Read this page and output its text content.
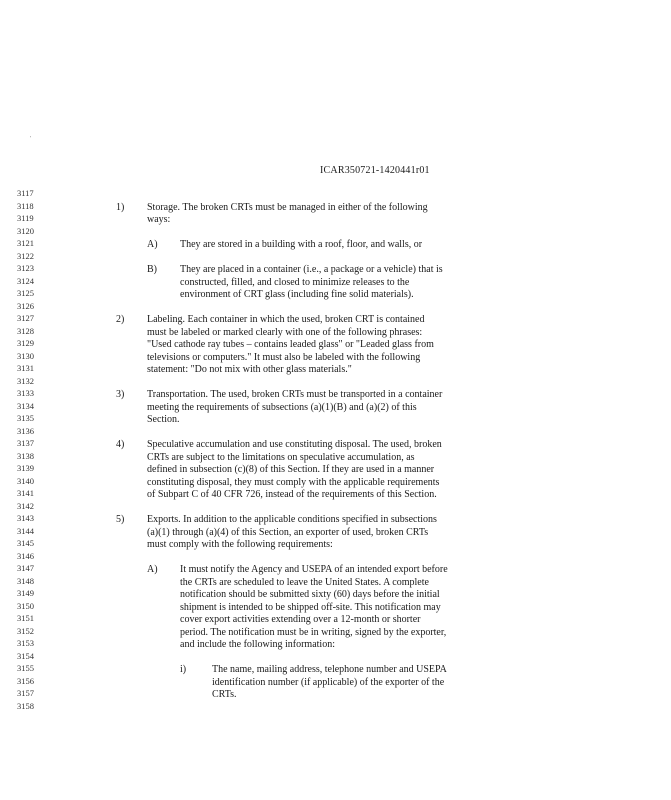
'
ICAR350721-1420441r01
3117
3118
3119
3120
3121
3122
3123
3124
3125
3126
3127
3128
3129
3130
3131
3132
3133
3134
3135
3136
3137
3138
3139
3140
3141
3142
3143
3144
3145
3146
3147
3148
3149
3150
3151
3152
3153
3154
3155
3156
3157
3158
1) Storage. The broken CRTs must be managed in either of the following
ways:
A) They are stored in a building with a roof, floor, and walls, or
B) They are placed in a container (i.e., a package or a vehicle) that is
constructed, filled, and closed to minimize releases to the
environment of CRT glass (including fine solid materials).
2) Labeling. Each container in which the used, broken CRT is contained
must be labeled or marked clearly with one of the following phrases:
"Used cathode ray tubes – contains leaded glass" or "Leaded glass from
televisions or computers." It must also be labeled with the following
statement: "Do not mix with other glass materials."
3) Transportation. The used, broken CRTs must be transported in a container
meeting the requirements of subsections (a)(1)(B) and (a)(2) of this
Section.
4) Speculative accumulation and use constituting disposal. The used, broken
CRTs are subject to the limitations on speculative accumulation, as
defined in subsection (c)(8) of this Section. If they are used in a manner
constituting disposal, they must comply with the applicable requirements
of Subpart C of 40 CFR 726, instead of the requirements of this Section.
5) Exports. In addition to the applicable conditions specified in subsections
(a)(1) through (a)(4) of this Section, an exporter of used, broken CRTs
must comply with the following requirements:
A) It must notify the Agency and USEPA of an intended export before
the CRTs are scheduled to leave the United States. A complete
notification should be submitted sixty (60) days before the initial
shipment is intended to be shipped off-site. This notification may
cover export activities extending over a 12-month or shorter
period. The notification must be in writing, signed by the exporter,
and include the following information:
i)	The name, mailing address, telephone number and USEPA
identification number (if applicable) of the exporter of the
CRTs.
